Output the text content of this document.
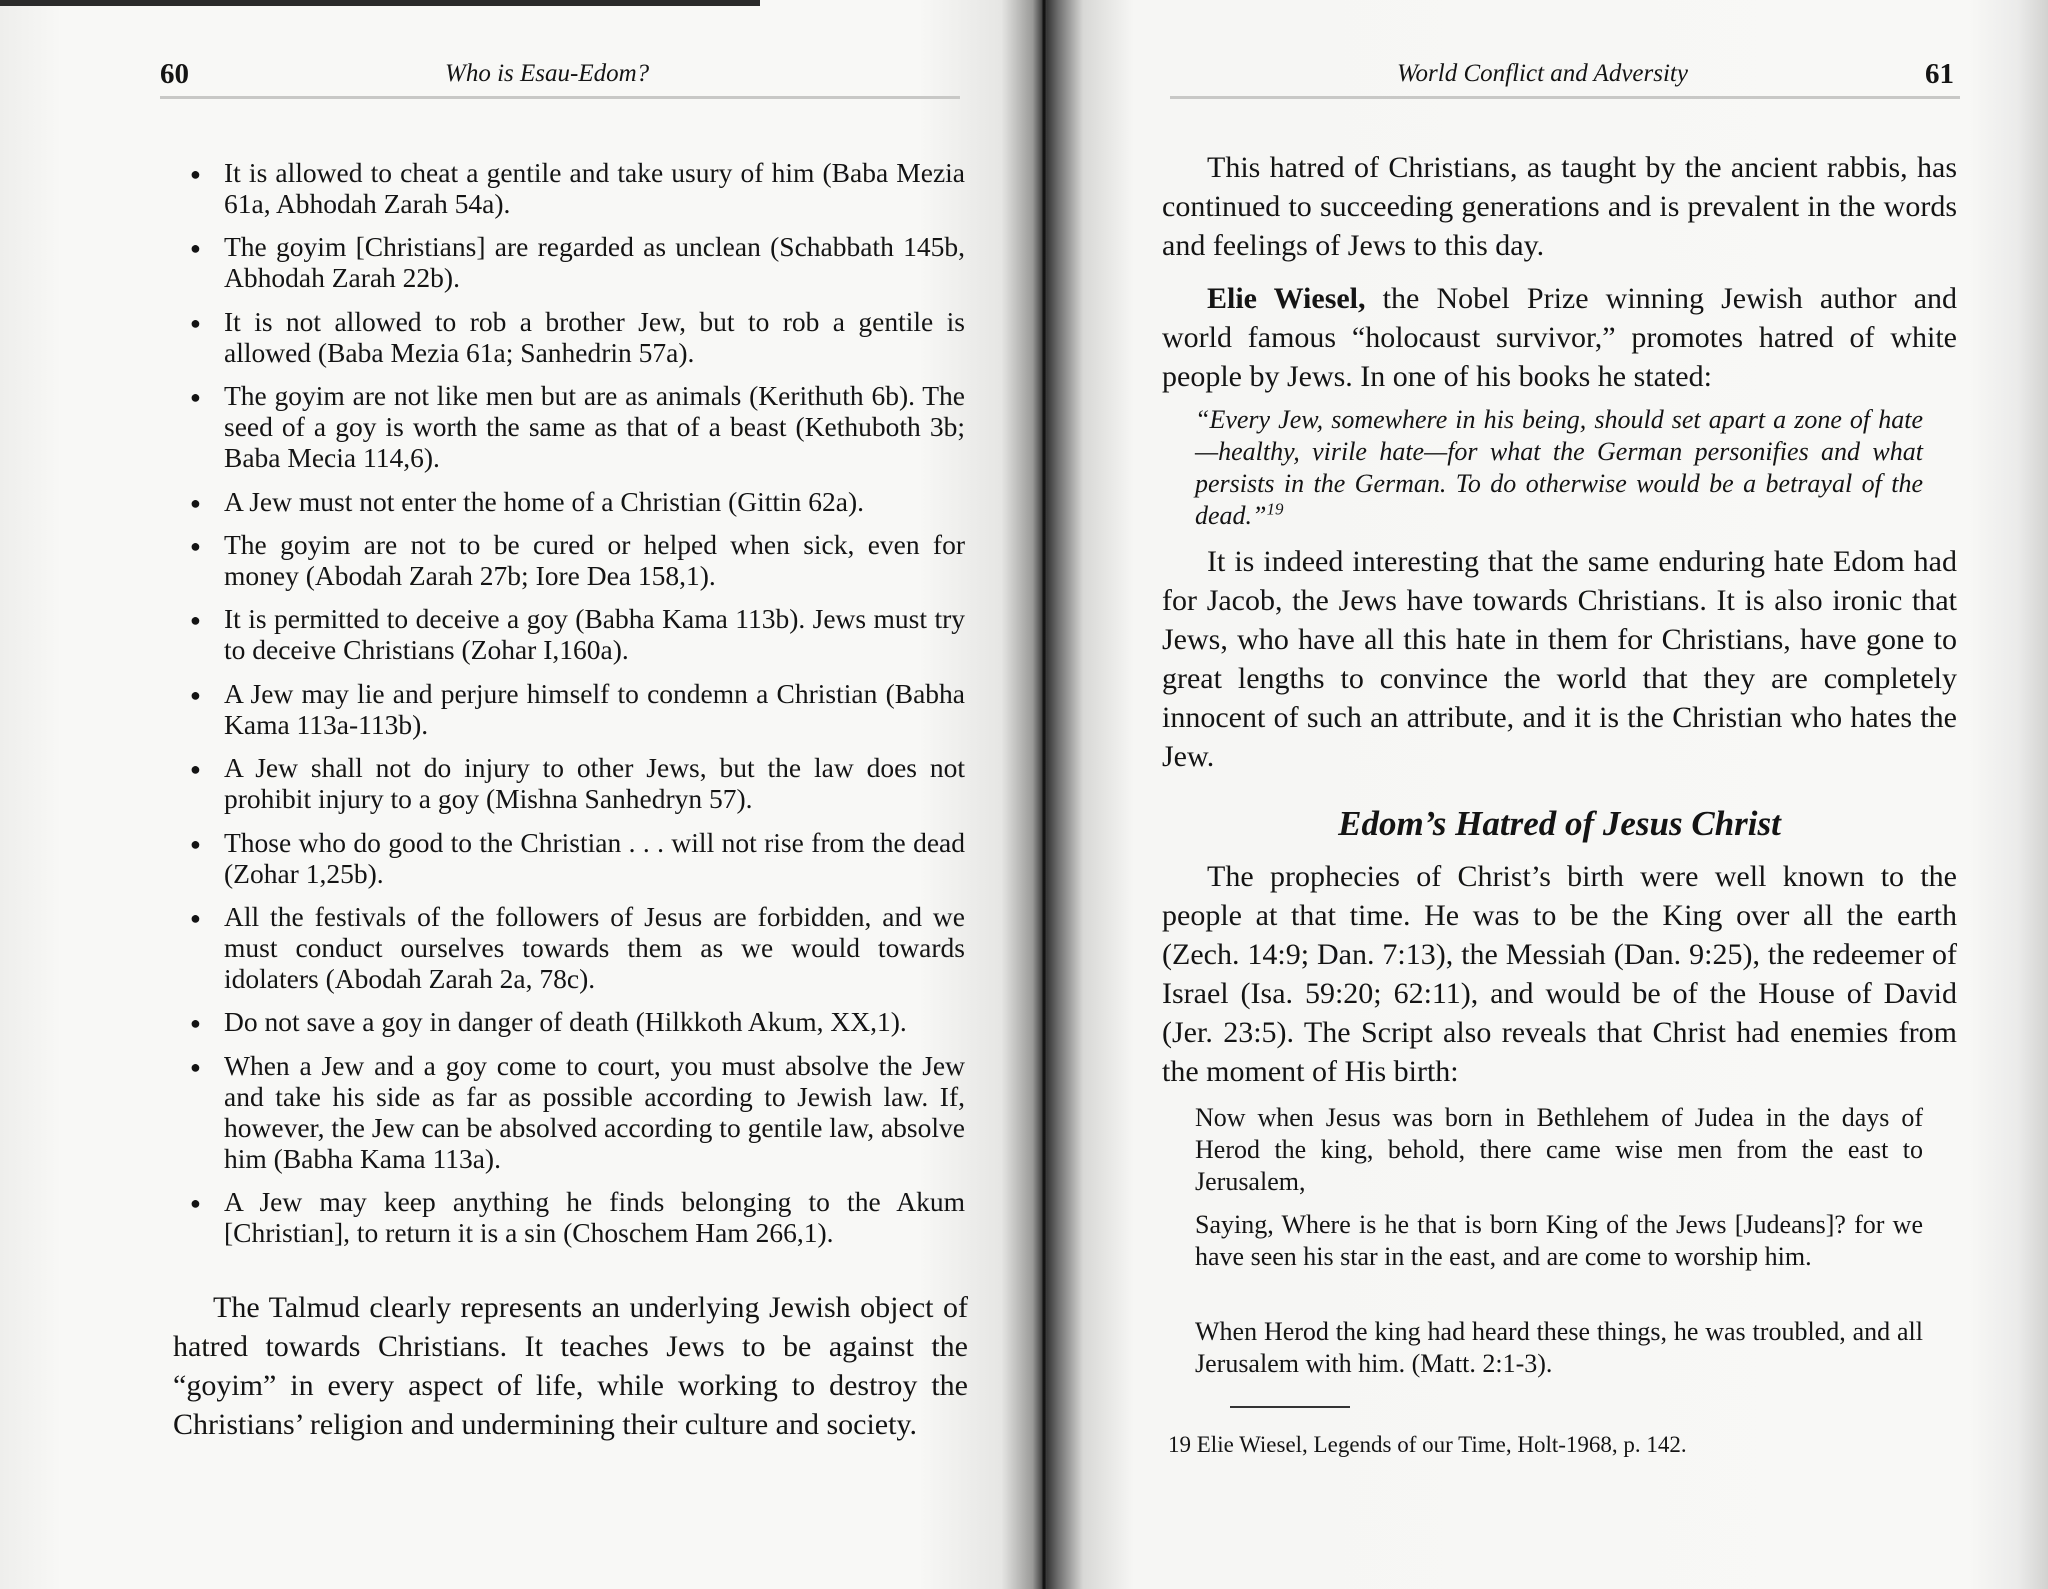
60	Who is Esau-Edom?
● It is allowed to cheat a gentile and take usury of him (Baba Mezia 61a, Abhodah Zarah 54a).
● The goyim [Christians] are regarded as unclean (Schabbath 145b, Abhodah Zarah 22b).
● It is not allowed to rob a brother Jew, but to rob a gentile is allowed (Baba Mezia 61a; Sanhedrin 57a).
● The goyim are not like men but are as animals (Kerithuth 6b). The seed of a goy is worth the same as that of a beast (Kethuboth 3b; Baba Mecia 114,6).
● A Jew must not enter the home of a Christian (Gittin 62a).
● The goyim are not to be cured or helped when sick, even for money (Abodah Zarah 27b; Iore Dea 158,1).
● It is permitted to deceive a goy (Babha Kama 113b). Jews must try to deceive Christians (Zohar I,160a).
● A Jew may lie and perjure himself to condemn a Christian (Babha Kama 113a-113b).
● A Jew shall not do injury to other Jews, but the law does not prohibit injury to a goy (Mishna Sanhedryn 57).
● Those who do good to the Christian . . . will not rise from the dead (Zohar 1,25b).
● All the festivals of the followers of Jesus are forbidden, and we must conduct ourselves towards them as we would towards idolaters (Abodah Zarah 2a, 78c).
● Do not save a goy in danger of death (Hilkkoth Akum, XX,1).
● When a Jew and a goy come to court, you must absolve the Jew and take his side as far as possible according to Jewish law. If, however, the Jew can be absolved according to gentile law, absolve him (Babha Kama 113a).
● A Jew may keep anything he finds belonging to the Akum [Christian], to return it is a sin (Choschem Ham 266,1).

The Talmud clearly represents an underlying Jewish object of hatred towards Christians. It teaches Jews to be against the “goyim” in every aspect of life, while working to destroy the Christians’ religion and undermining their culture and society.

World Conflict and Adversity	61

This hatred of Christians, as taught by the ancient rabbis, has continued to succeeding generations and is prevalent in the words and feelings of Jews to this day.

Elie Wiesel, the Nobel Prize winning Jewish author and world famous “holocaust survivor,” promotes hatred of white people by Jews. In one of his books he stated:

“Every Jew, somewhere in his being, should set apart a zone of hate —healthy, virile hate—for what the German personifies and what persists in the German. To do otherwise would be a betrayal of the dead.”$^{19}$

It is indeed interesting that the same enduring hate Edom had for Jacob, the Jews have towards Christians. It is also ironic that Jews, who have all this hate in them for Christians, have gone to great lengths to convince the world that they are completely innocent of such an attribute, and it is the Christian who hates the Jew.

Edom’s Hatred of Jesus Christ

The prophecies of Christ’s birth were well known to the people at that time. He was to be the King over all the earth (Zech. 14:9; Dan. 7:13), the Messiah (Dan. 9:25), the redeemer of Israel (Isa. 59:20; 62:11), and would be of the House of David (Jer. 23:5). The Script also reveals that Christ had enemies from the moment of His birth:

Now when Jesus was born in Bethlehem of Judea in the days of Herod the king, behold, there came wise men from the east to Jerusalem,

Saying, Where is he that is born King of the Jews [Judeans]? for we have seen his star in the east, and are come to worship him.

When Herod the king had heard these things, he was troubled, and all Jerusalem with him. (Matt. 2:1-3).

19 Elie Wiesel, Legends of our Time, Holt-1968, p. 142.
